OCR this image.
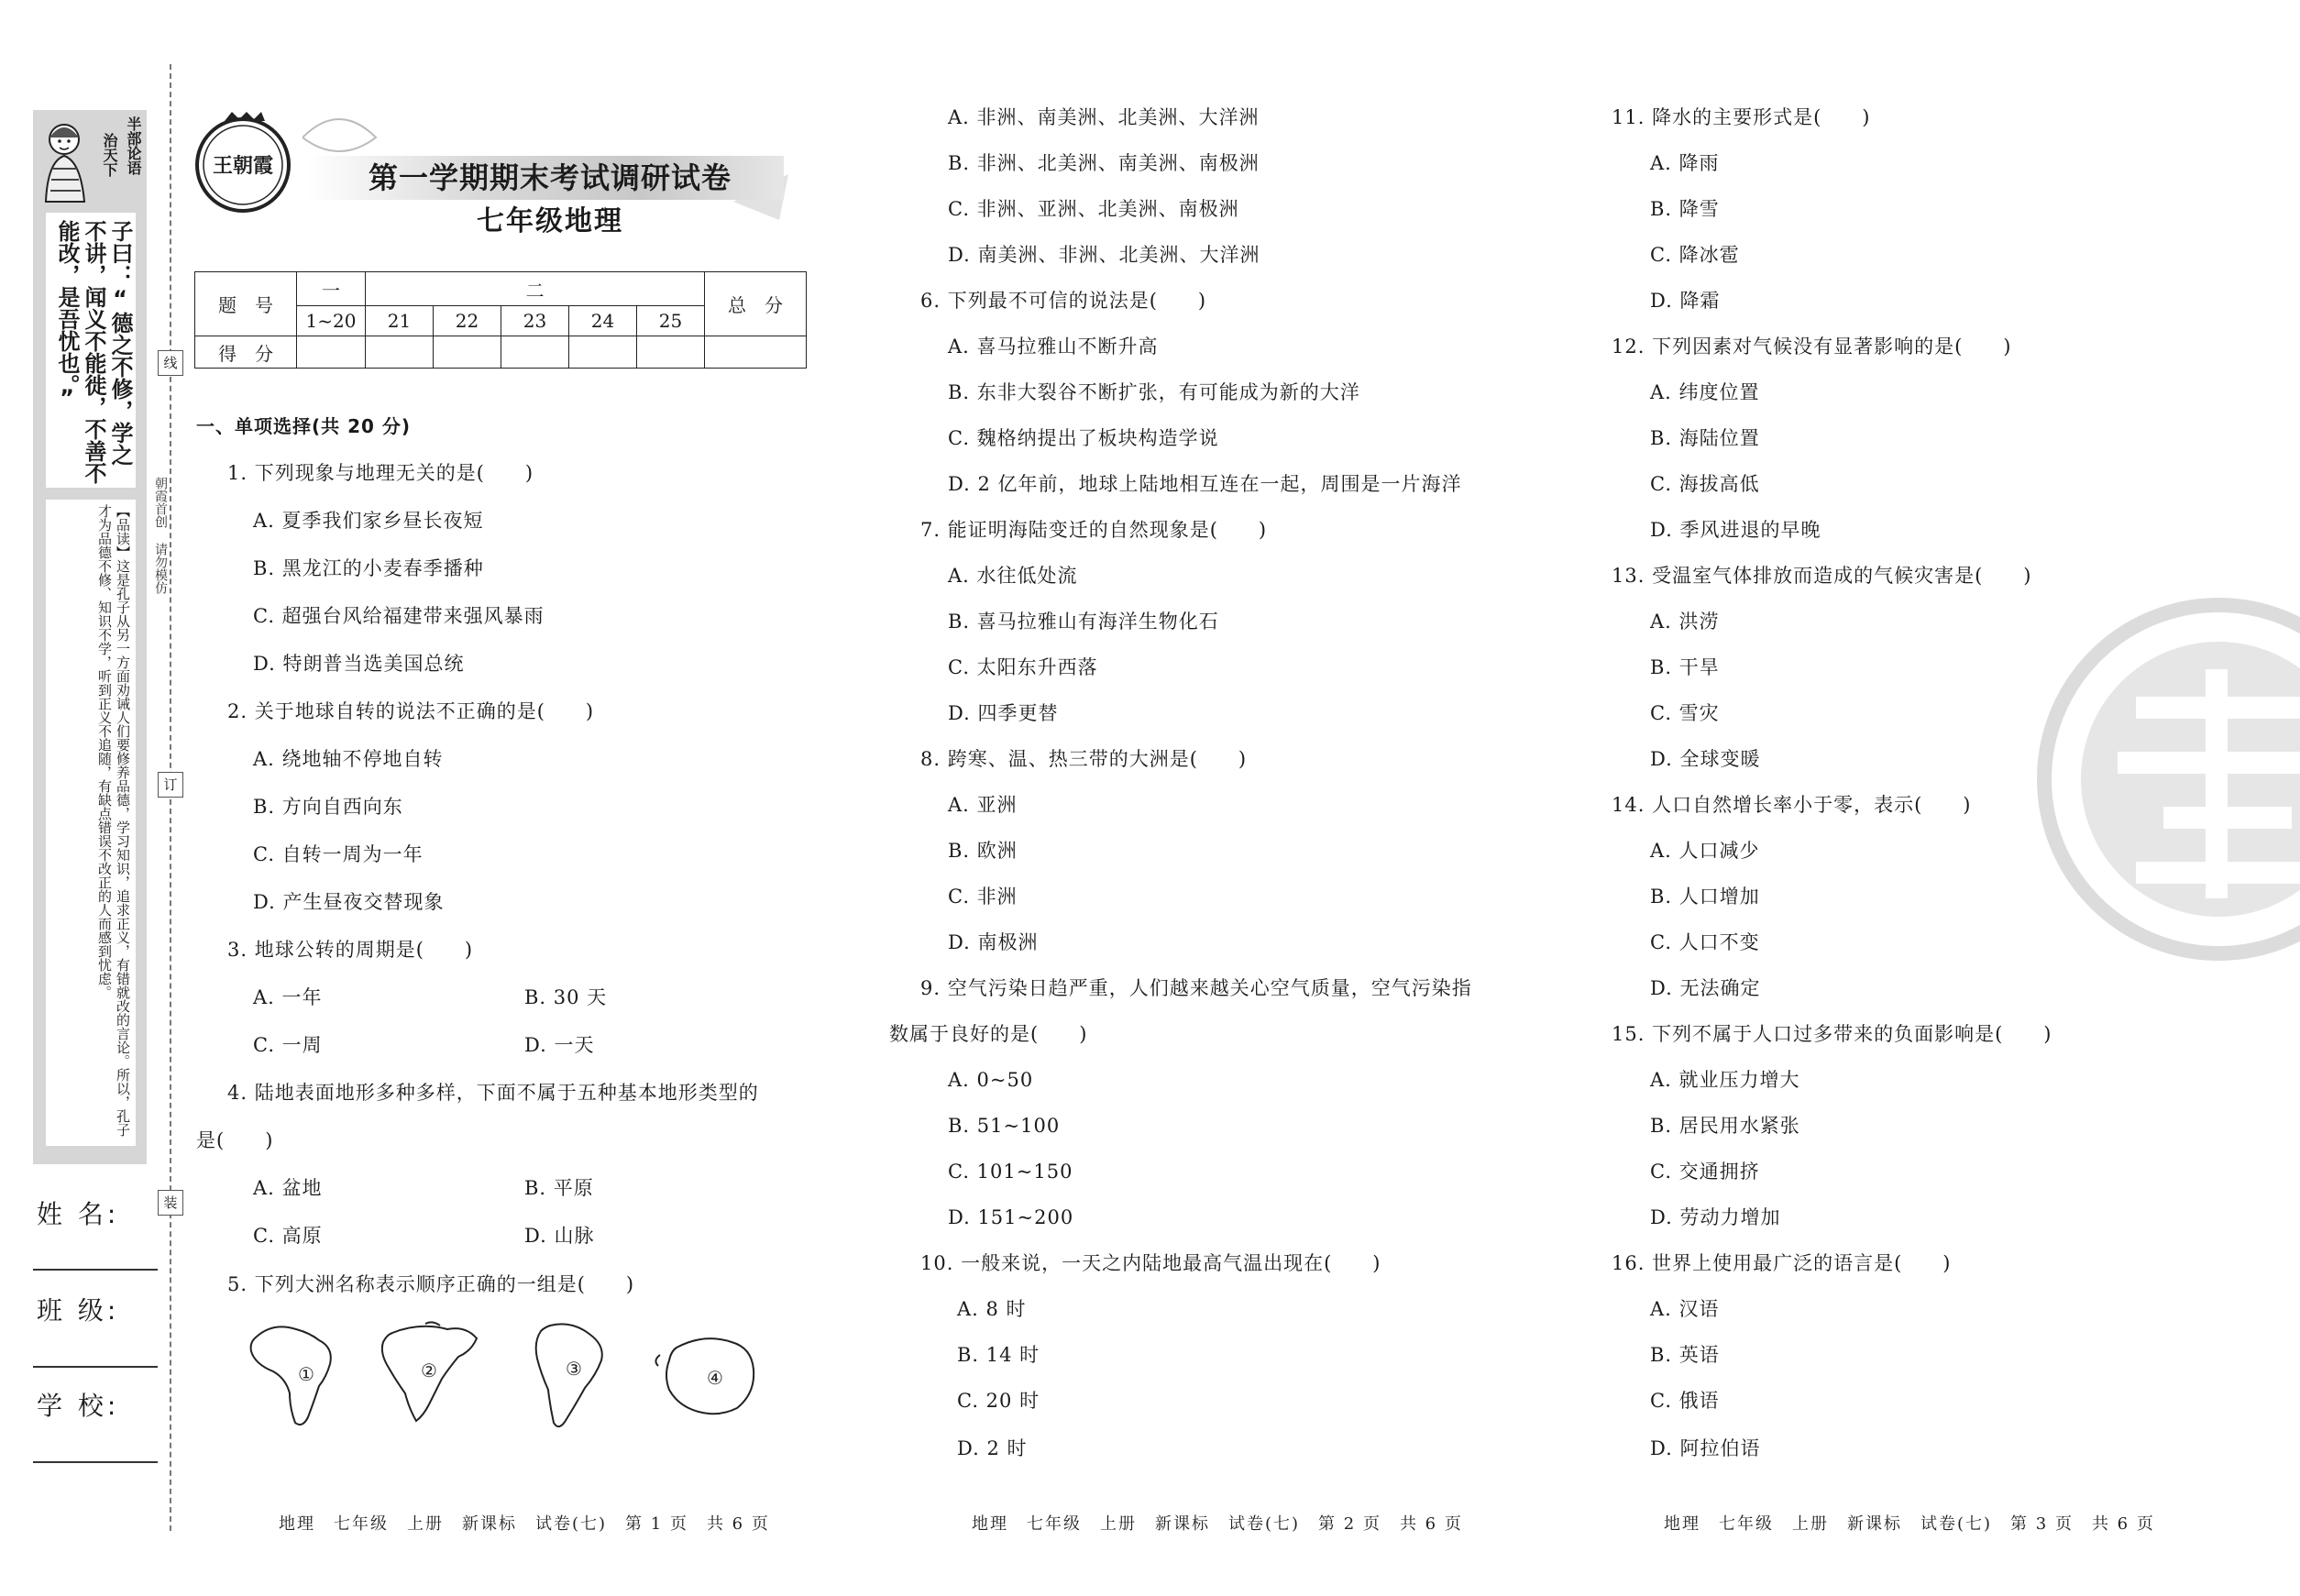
半部论语
治天下
子曰：“德之不修，学之不讲，闻义不能徙，不善不能改，是吾忧也。”
【品读】这是孔子从另一方面劝诫人们要修养品德，学习知识，追求正义，有错就改的言论。所以，孔子才为品德不修、知识不学，听到正义不追随，有缺点错误不改正的人而感到忧虑。
姓 名:
班 级:
学 校:
线
订
装
朝霞首创 请勿模仿
王朝霞	第一学期期末考试调研试卷
七年级地理
题　号	一	二					总　分
	1~20	21	22	23	24	25	
得　分							
一、单项选择(共 20 分)
1. 下列现象与地理无关的是(　　)
A. 夏季我们家乡昼长夜短
B. 黑龙江的小麦春季播种
C. 超强台风给福建带来强风暴雨
D. 特朗普当选美国总统
2. 关于地球自转的说法不正确的是(　　)
A. 绕地轴不停地自转
B. 方向自西向东
C. 自转一周为一年
D. 产生昼夜交替现象
3. 地球公转的周期是(　　)
A. 一年	B. 30 天
C. 一周	D. 一天
4. 陆地表面地形多种多样，下面不属于五种基本地形类型的
是(　　)
A. 盆地	B. 平原
C. 高原	D. 山脉
5. 下列大洲名称表示顺序正确的一组是(　　)
①	②	③	④
A. 非洲、南美洲、北美洲、大洋洲
B. 非洲、北美洲、南美洲、南极洲
C. 非洲、亚洲、北美洲、南极洲
D. 南美洲、非洲、北美洲、大洋洲
6. 下列最不可信的说法是(　　)
A. 喜马拉雅山不断升高
B. 东非大裂谷不断扩张，有可能成为新的大洋
C. 魏格纳提出了板块构造学说
D. 2 亿年前，地球上陆地相互连在一起，周围是一片海洋
7. 能证明海陆变迁的自然现象是(　　)
A. 水往低处流
B. 喜马拉雅山有海洋生物化石
C. 太阳东升西落
D. 四季更替
8. 跨寒、温、热三带的大洲是(　　)
A. 亚洲
B. 欧洲
C. 非洲
D. 南极洲
9. 空气污染日趋严重，人们越来越关心空气质量，空气污染指
数属于良好的是(　　)
A. 0~50
B. 51~100
C. 101~150
D. 151~200
10. 一般来说，一天之内陆地最高气温出现在(　　)
A. 8 时
B. 14 时
C. 20 时
D. 2 时
11. 降水的主要形式是(　　)
A. 降雨
B. 降雪
C. 降冰雹
D. 降霜
12. 下列因素对气候没有显著影响的是(　　)
A. 纬度位置
B. 海陆位置
C. 海拔高低
D. 季风进退的早晚
13. 受温室气体排放而造成的气候灾害是(　　)
A. 洪涝
B. 干旱
C. 雪灾
D. 全球变暖
14. 人口自然增长率小于零，表示(　　)
A. 人口减少
B. 人口增加
C. 人口不变
D. 无法确定
15. 下列不属于人口过多带来的负面影响是(　　)
A. 就业压力增大
B. 居民用水紧张
C. 交通拥挤
D. 劳动力增加
16. 世界上使用最广泛的语言是(　　)
A. 汉语
B. 英语
C. 俄语
D. 阿拉伯语
地理 七年级 上册 新课标 试卷(七) 第 1 页 共 6 页	地理 七年级 上册 新课标 试卷(七) 第 2 页 共 6 页	地理 七年级 上册 新课标 试卷(七) 第 3 页 共 6 页
